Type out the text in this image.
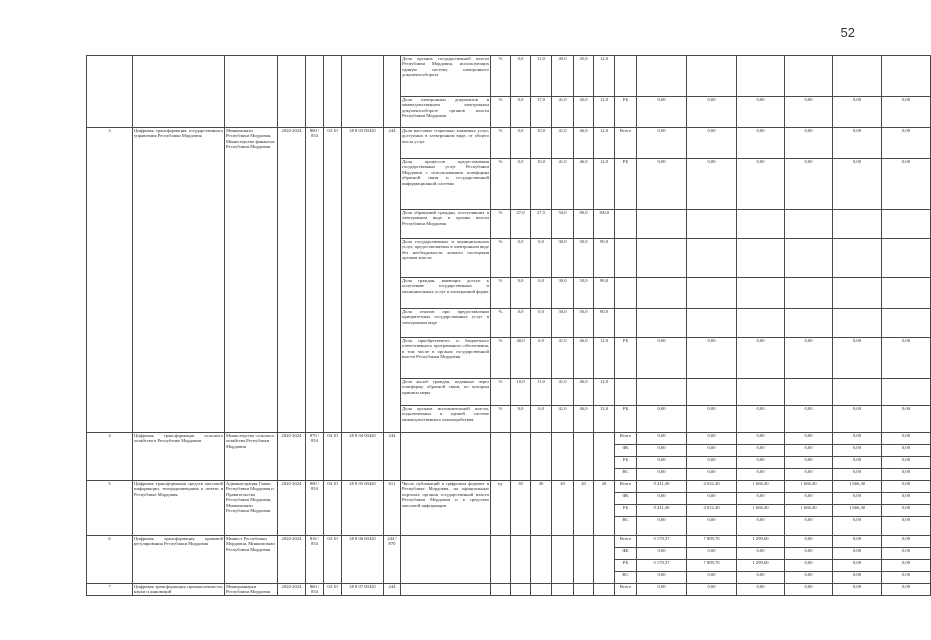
52
								Доля органов государственной власти Республики Мордовия, использующих единую систему электронного документооборота	%	0,0	11,0	40,0	45,0	12,0							
								Доля электронных документов в межведомственном электронном документообороте органов власти Республики Мордовия	%	0,0	17,0	41,0	45,0	12,0	РБ	0,00	0,00	0,00	0,00	0,00	0,00
3	Цифровая трансформация государственного управления Республики Мордовия	Минкомсвязи Республики Мордовия, Министерство финансов Республики Мордовия	2020-2024	800 / 854	04 10	28 8 03 00420	244	Доля массовых социально значимых услуг, доступных в электронном виде, от общего числа услуг	%	0,0	10,0	41,0	46,0	12,0	Всего	0,00	0,00	0,00	0,00	0,00	0,00
								Доля процессов предоставления государственных услуг Республики Мордовия с использованием платформы обратной связи и государственной информационной системы	%	0,0	10,0	41,0	46,0	12,0	РБ	0,00	0,00	0,00	0,00	0,00	0,00
								Доля обращений граждан, поступивших в электронном виде в органы власти Республики Мордовия	%	27,0	27,5	50,0	80,0	100,0							
								Доля государственных и муниципальных услуг, предоставляемых в электронном виде без необходимости личного посещения органов власти	%	0,0	0,0	30,0	50,0	90,0							
								Доля граждан, имеющих доступ к получению государственных и муниципальных услуг в электронной форме	%	0,0	0,0	30,0	50,0	90,0							
								Доля отказов при предоставлении приоритетных государственных услуг в электронном виде	%	0,0	0,0	30,0	50,0	90,0							
								Доля приобретаемого и бюджетного отечественного программного обеспечения, в том числе в органах государственной власти Республики Мордовия	%	40,0	0,0	41,0	46,0	12,0	РБ	0,00	0,00	0,00	0,00	0,00	0,00
								Доля жалоб граждан, поданных через платформу обратной связи, по которым приняты меры	%	10,0	11,0	41,0	46,0	12,0							
								Доля органов исполнительной власти, подключенных к единой системе межведомственного взаимодействия	%	0,0	0,0	41,0	46,0	12,0	РБ	0,00	0,00	0,00	0,00	0,00	0,00
4	Цифровая трансформация сельского хозяйства в Республике Мордовия	Министерство сельского хозяйства Республики Мордовия	2020-2024	870 / 854	04 10	28 8 04 00420	244								Всего	0,00	0,00	0,00	0,00	0,00	0,00
															ФБ	0,00	0,00	0,00	0,00	0,00	0,00
															РБ	0,00	0,00	0,00	0,00	0,00	0,00
															ВС	0,00	0,00	0,00	0,00	0,00	0,00
5	Цифровая трансформация средств массовой информации, телерадиовещания и печати в Республике Мордовия	Администрация Главы Республики Мордовия и Правительства Республики Мордовия, Минкомсвязи Республики Мордовия	2020-2024	800 / 854	04 10	28 8 05 00420	611	Число публикаций в цифровом формате в Республике Мордовия, на официальных порталах органов государственной власти Республики Мордовия и в средствах массовой информации	ед.	30	30	20	20	20	Всего	9 411,30	4 032,30	1 666,40	1 666,40	1 666,40	0,00
															ФБ	0,00	0,00	0,00	0,00	0,00	0,00
															РБ	9 411,30	4 012,30	1 666,40	1 666,40	1 666,40	0,00
															ВС	0,00	0,00	0,00	0,00	0,00	0,00
6	Цифровая трансформация правовой регулирования Республики Мордовия	Минюст Республики Мордовия, Минкомсвязи Республики Мордовия	2020-2024	816 / 854	04 10	28 8 06 00420	244 / 870								Всего	5 179,37	7 809,70	1 299,60	0,00	0,00	0,00
															ФБ	0,00	0,00	0,00	0,00	0,00	0,00
															РБ	5 179,37	7 809,70	1 299,60	0,00	0,00	0,00
															ВС	0,00	0,00	0,00	0,00	0,00	0,00
7	Цифровая трансформация промышленности, науки и инноваций	Минпромнауки Республики Мордовия	2020-2024	860 / 854	04 10	28 8 07 00420	244								Всего	0,00	0,00	0,00	0,00	0,00	0,00
